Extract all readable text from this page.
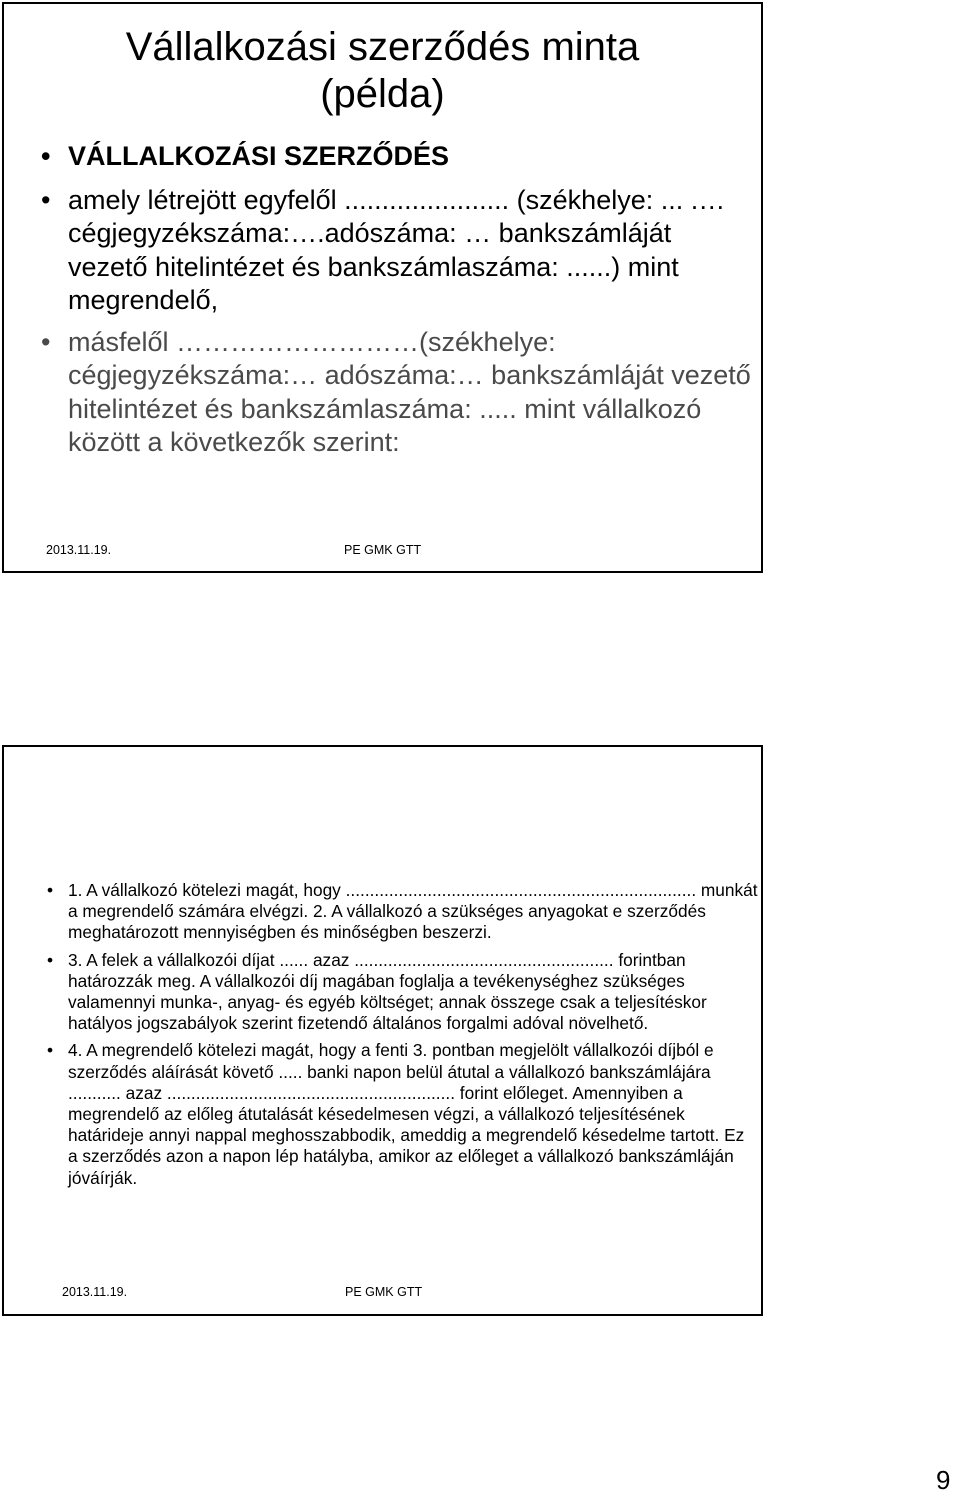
Vállalkozási szerződés minta
(példa)
• VÁLLALKOZÁSI SZERZŐDÉS
• amely létrejött egyfelől ...................... (székhelye: ... .…cégjegyzékszáma:….adószáma: … bankszámláját vezető hitelintézet és bankszámlaszáma: ......) mint megrendelő,
• másfelől ………………………(székhelye: cégjegyzékszáma:… adószáma:… bankszámláját vezető hitelintézet és bankszámlaszáma: ..... mint vállalkozó között a következők szerint:
2013.11.19.	PE GMK GTT
• 1. A vállalkozó kötelezi magát, hogy ......................................................................... munkát a megrendelő számára elvégzi. 2. A vállalkozó a szükséges anyagokat e szerződés meghatározott mennyiségben és minőségben beszerzi.
• 3. A felek a vállalkozói díjat ...... azaz ...................................................... forintban határozzák meg. A vállalkozói díj magában foglalja a tevékenységhez szükséges valamennyi munka-, anyag- és egyéb költséget; annak összege csak a teljesítéskor hatályos jogszabályok szerint fizetendő általános forgalmi adóval növelhető.
• 4. A megrendelő kötelezi magát, hogy a fenti 3. pontban megjelölt vállalkozói díjból e szerződés aláírását követő ..... banki napon belül átutal a vállalkozó bankszámlájára ........... azaz ............................................................ forint előleget. Amennyiben a megrendelő az előleg átutalását késedelmesen végzi, a vállalkozó teljesítésének határideje annyi nappal meghosszabbodik, ameddig a megrendelő késedelme tartott. Ez a szerződés azon a napon lép hatályba, amikor az előleget a vállalkozó bankszámláján jóváírják.
2013.11.19.	PE GMK GTT
9
